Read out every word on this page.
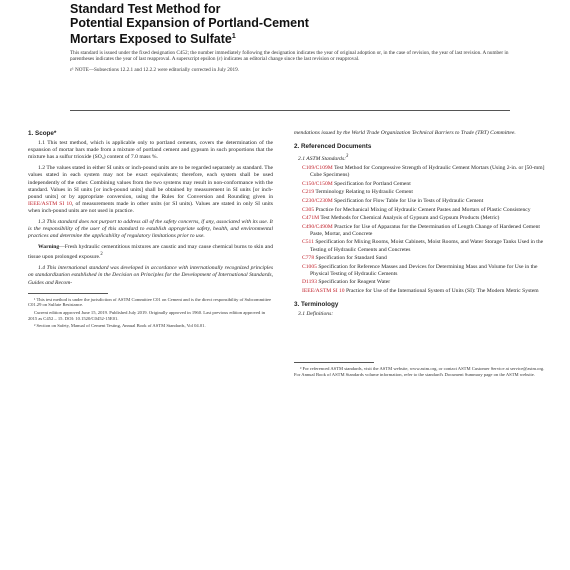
Standard Test Method for
Potential Expansion of Portland-Cement
Mortars Exposed to Sulfate$^1$
This standard is issued under the fixed designation C452; the number immediately following the designation indicates the year of original adoption or, in the case of revision, the year of last revision. A number in parentheses indicates the year of last reapproval. A superscript epsilon (ε) indicates an editorial change since the last revision or reapproval.
ε¹ NOTE—Subsections 12.2.1 and 12.2.2 were editorially corrected in July 2019.
1. Scope*
1.1 This test method, which is applicable only to portland cements, covers the determination of the expansion of mortar bars made from a mixture of portland cement and gypsum in such proportions that the mixture has a sulfur trioxide (SO₃) content of 7.0 mass %.
1.2 The values stated in either SI units or inch-pound units are to be regarded separately as standard. The values stated in each system may not be exact equivalents; therefore, each system shall be used independently of the other. Combining values from the two systems may result in non-conformance with the standard. Values in SI units [or inch-pound units] shall be obtained by measurement in SI units [or inch-pound units] or by appropriate conversion, using the Rules for Conversion and Rounding given in IEEE/ASTM SI 10, of measurements made in other units (or SI units). Values are stated in only SI units when inch-pound units are not used in practice.
1.3 This standard does not purport to address all of the safety concerns, if any, associated with its use. It is the responsibility of the user of this standard to establish appropriate safety, health, and environmental practices and determine the applicability of regulatory limitations prior to use.
Warning—Fresh hydraulic cementitious mixtures are caustic and may cause chemical burns to skin and tissue upon prolonged exposure.$^2$
1.4 This international standard was developed in accordance with internationally recognized principles on standardization established in the Decision on Principles for the Development of International Standards, Guides and Recom-
¹ This test method is under the jurisdiction of ASTM Committee C01 on Cement and is the direct responsibility of Subcommittee C01.29 on Sulfate Resistance.
Current edition approved June 15, 2019. Published July 2019. Originally approved in 1960. Last previous edition approved in 2015 as C452 – 15. DOI: 10.1520/C0452-15E01.
² Section on Safety, Manual of Cement Testing, Annual Book of ASTM Standards, Vol 04.01.
mendations issued by the World Trade Organization Technical Barriers to Trade (TBT) Committee.
2. Referenced Documents
2.1 ASTM Standards:$^3$
C109/C109M Test Method for Compressive Strength of Hydraulic Cement Mortars (Using 2-in. or [50-mm] Cube Specimens)
C150/C150M Specification for Portland Cement
C219 Terminology Relating to Hydraulic Cement
C230/C230M Specification for Flow Table for Use in Tests of Hydraulic Cement
C305 Practice for Mechanical Mixing of Hydraulic Cement Pastes and Mortars of Plastic Consistency
C471M Test Methods for Chemical Analysis of Gypsum and Gypsum Products (Metric)
C490/C490M Practice for Use of Apparatus for the Determination of Length Change of Hardened Cement Paste, Mortar, and Concrete
C511 Specification for Mixing Rooms, Moist Cabinets, Moist Rooms, and Water Storage Tanks Used in the Testing of Hydraulic Cements and Concretes
C778 Specification for Standard Sand
C1005 Specification for Reference Masses and Devices for Determining Mass and Volume for Use in the Physical Testing of Hydraulic Cements
D1193 Specification for Reagent Water
IEEE/ASTM SI 10 Practice for Use of the International System of Units (SI): The Modern Metric System
3. Terminology
3.1 Definitions:
³ For referenced ASTM standards, visit the ASTM website, www.astm.org, or contact ASTM Customer Service at service@astm.org. For Annual Book of ASTM Standards volume information, refer to the standard's Document Summary page on the ASTM website.
